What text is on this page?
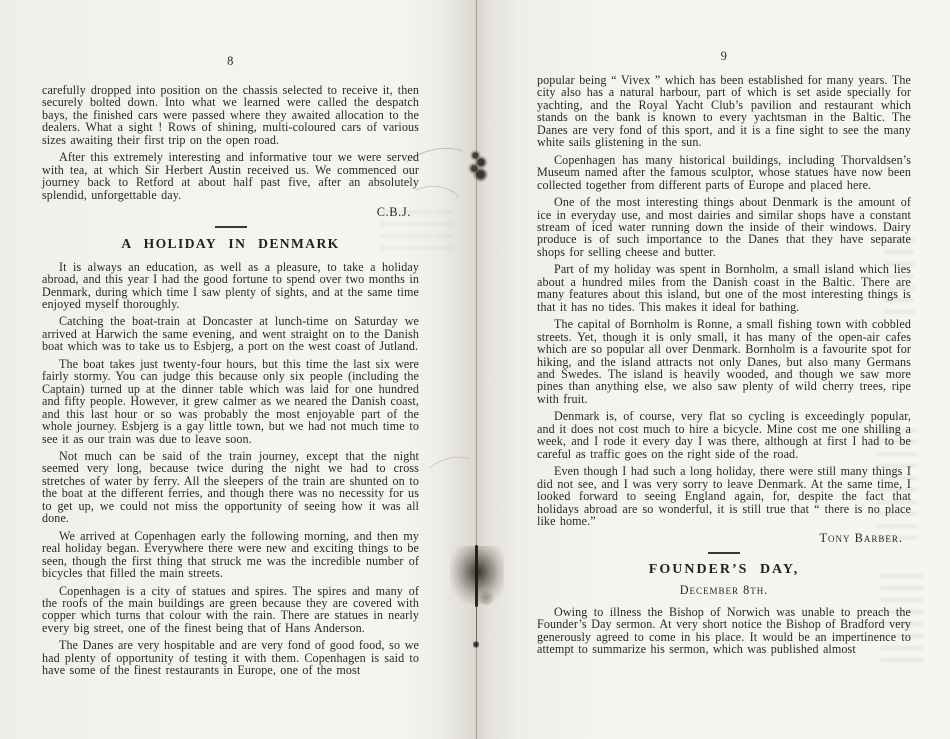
8

carefully dropped into position on the chassis selected to receive it, then securely bolted down. Into what we learned were called the despatch bays, the finished cars were passed where they awaited allocation to the dealers. What a sight ! Rows of shining, multi-coloured cars of various sizes awaiting their first trip on the open road.

After this extremely interesting and informative tour we were served with tea, at which Sir Herbert Austin received us. We commenced our journey back to Retford at about half past five, after an absolutely splendid, unforgettable day.

C.B.J.
A HOLIDAY IN DENMARK

It is always an education, as well as a pleasure, to take a holiday abroad, and this year I had the good fortune to spend over two months in Denmark, during which time I saw plenty of sights, and at the same time enjoyed myself thoroughly.

Catching the boat-train at Doncaster at lunch-time on Saturday we arrived at Harwich the same evening, and went straight on to the Danish boat which was to take us to Esbjerg, a port on the west coast of Jutland.

The boat takes just twenty-four hours, but this time the last six were fairly stormy. You can judge this because only six people (including the Captain) turned up at the dinner table which was laid for one hundred and fifty people. However, it grew calmer as we neared the Danish coast, and this last hour or so was probably the most enjoyable part of the whole journey. Esbjerg is a gay little town, but we had not much time to see it as our train was due to leave soon.

Not much can be said of the train journey, except that the night seemed very long, because twice during the night we had to cross stretches of water by ferry. All the sleepers of the train are shunted on to the boat at the different ferries, and though there was no necessity for us to get up, we could not miss the opportunity of seeing how it was all done.

We arrived at Copenhagen early the following morning, and then my real holiday began. Everywhere there were new and exciting things to be seen, though the first thing that struck me was the incredible number of bicycles that filled the main streets.

Copenhagen is a city of statues and spires. The spires and many of the roofs of the main buildings are green because they are covered with copper which turns that colour with the rain. There are statues in nearly every big street, one of the finest being that of Hans Anderson.

The Danes are very hospitable and are very fond of good food, so we had plenty of opportunity of testing it with them. Copenhagen is said to have some of the finest restaurants in Europe, one of the most

9

popular being “ Vivex ” which has been established for many years. The city also has a natural harbour, part of which is set aside specially for yachting, and the Royal Yacht Club’s pavilion and restaurant which stands on the bank is known to every yachtsman in the Baltic. The Danes are very fond of this sport, and it is a fine sight to see the many white sails glistening in the sun.

Copenhagen has many historical buildings, including Thorvaldsen’s Museum named after the famous sculptor, whose statues have now been collected together from different parts of Europe and placed here.

One of the most interesting things about Denmark is the amount of ice in everyday use, and most dairies and similar shops have a constant stream of iced water running down the inside of their windows. Dairy produce is of such importance to the Danes that they have separate shops for selling cheese and butter.

Part of my holiday was spent in Bornholm, a small island which lies about a hundred miles from the Danish coast in the Baltic. There are many features about this island, but one of the most interesting things is that it has no tides. This makes it ideal for bathing.

The capital of Bornholm is Ronne, a small fishing town with cobbled streets. Yet, though it is only small, it has many of the open-air cafes which are so popular all over Denmark. Bornholm is a favourite spot for hiking, and the island attracts not only Danes, but also many Germans and Swedes. The island is heavily wooded, and though we saw more pines than anything else, we also saw plenty of wild cherry trees, ripe with fruit.

Denmark is, of course, very flat so cycling is exceedingly popular, and it does not cost much to hire a bicycle. Mine cost me one shilling a week, and I rode it every day I was there, although at first I had to be careful as traffic goes on the right side of the road.

Even though I had such a long holiday, there were still many things I did not see, and I was very sorry to leave Denmark. At the same time, I looked forward to seeing England again, for, despite the fact that holidays abroad are so wonderful, it is still true that “ there is no place like home.”

Tony Barber.
FOUNDER’S DAY,
December 8th.

Owing to illness the Bishop of Norwich was unable to preach the Founder’s Day sermon. At very short notice the Bishop of Bradford very generously agreed to come in his place. It would be an impertinence to attempt to summarize his sermon, which was published almost
